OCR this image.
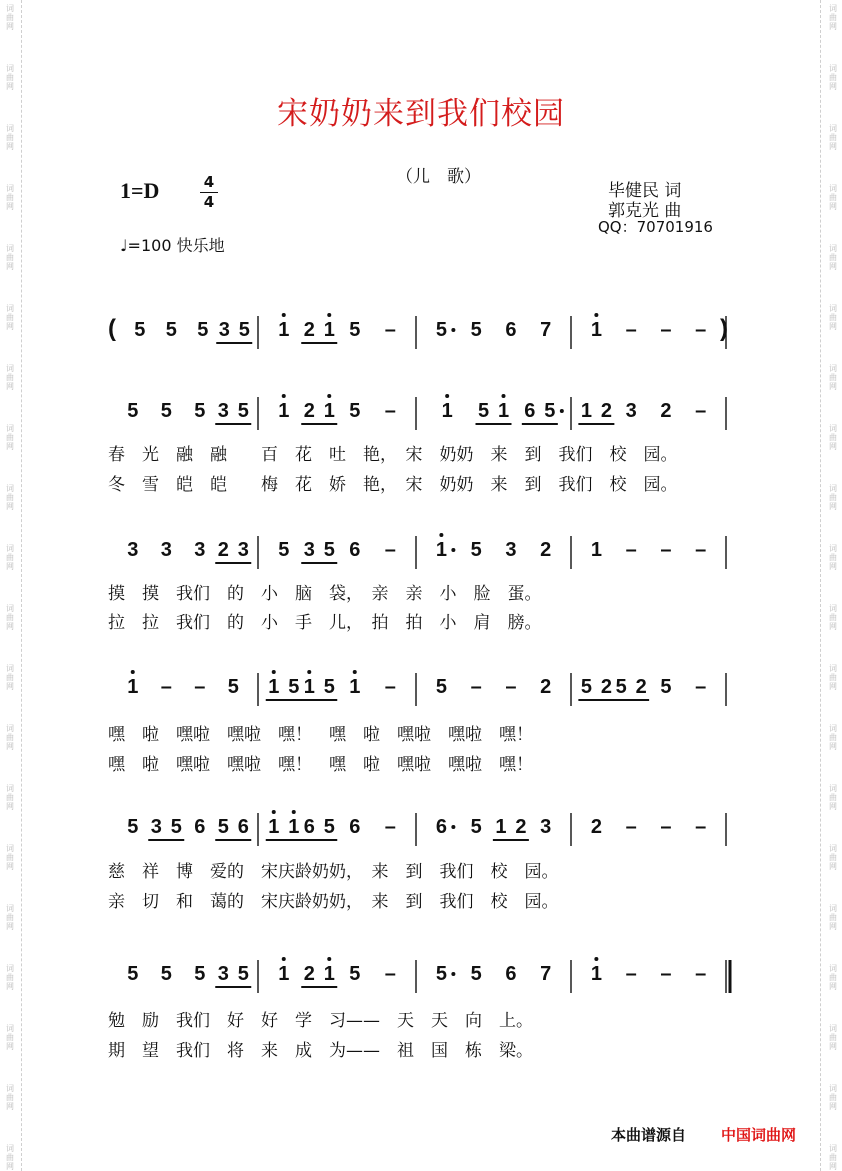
词
曲
网
词
曲
网
词
曲
网
词
曲
网
词
曲
网
词
曲
网
词
曲
网
词
曲
网
词
曲
网
词
曲
网
词
曲
网
词
曲
网
词
曲
网
词
曲
网
词
曲
网
词
曲
网
词
曲
网
词
曲
网
词
曲
网
词
曲
网
词
曲
网
词
曲
网
词
曲
网
词
曲
网
词
曲
网
词
曲
网
词
曲
网
词
曲
网
词
曲
网
词
曲
网
词
曲
网
词
曲
网
词
曲
网
词
曲
网
词
曲
网
词
曲
网
词
曲
网
词
曲
网
词
曲
网
词
曲
网
宋奶奶来到我们校园
（儿　歌）
1=D	4
4
♩=100 快乐地
毕健民 词
郭克光 曲
QQ：70701916
( 5 5 5 3 5 1 2 1 5 – 5 5 6 7	)
1 – – –
5 5 5 3 5 1 2 1 5 – 1 5 1 6 5 1 2 3 2 –
3 3 3 2 3 5 3 5 6 – 1 5 3 2 1 – – –
1 – – 5 1 5 1 5 1 – 5 – – 2 5 2 5 2 5 –
5 3 5 6 5 6 1 1 6 5 6 – 6 5 1 2 3 2 – – –
5 5 5 3 5 1 2 1 5 – 5 5 6 7 1 – – –
春　光　融　融　　百　花　吐　艳，　宋　奶奶　来　到　我们　校　园。
冬　雪　皑　皑　　梅　花　娇　艳，　宋　奶奶　来　到　我们　校　园。
摸　摸　我们　的　小　脑　袋，　亲　亲　小　脸　蛋。
拉　拉　我们　的　小　手　儿，　拍　拍　小　肩　膀。
嘿　啦　嘿啦　嘿啦　嘿！　嘿　啦　嘿啦　嘿啦　嘿！
嘿　啦　嘿啦　嘿啦　嘿！　嘿　啦　嘿啦　嘿啦　嘿！
慈　祥　博　爱的　宋庆龄奶奶，　来　到　我们　校　园。
亲　切　和　蔼的　宋庆龄奶奶，　来　到　我们　校　园。
勉　励　我们　好　好　学　习——　天　天　向　上。
期　望　我们　将　来　成　为——　祖　国　栋　梁。
本曲谱源自 中国词曲网
